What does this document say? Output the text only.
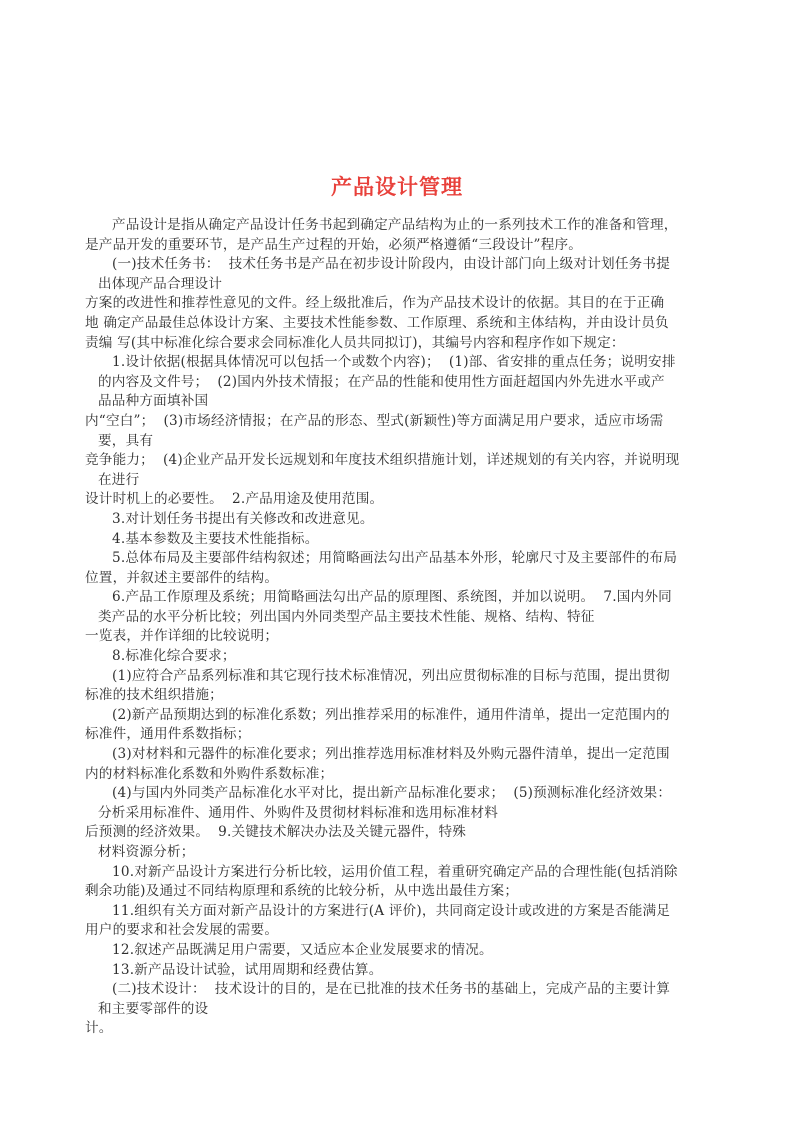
产品设计管理
产品设计是指从确定产品设计任务书起到确定产品结构为止的一系列技术工作的准备和管理，
是产品开发的重要环节，是产品生产过程的开始，必须严格遵循“三段设计”程序。
(一)技术任务书：  技术任务书是产品在初步设计阶段内，由设计部门向上级对计划任务书提
出体现产品合理设计
方案的改进性和推荐性意见的文件。经上级批准后，作为产品技术设计的依据。其目的在于正确
地 确定产品最佳总体设计方案、主要技术性能参数、工作原理、系统和主体结构，并由设计员负
责编 写(其中标准化综合要求会同标准化人员共同拟订)，其编号内容和程序作如下规定：
1.设计依据(根据具体情况可以包括一个或数个内容)；  (1)部、省安排的重点任务；说明安排
的内容及文件号；  (2)国内外技术情报；在产品的性能和使用性方面赶超国内外先进水平或产
品品种方面填补国
内“空白”；  (3)市场经济情报；在产品的形态、型式(新颖性)等方面满足用户要求，适应市场需
要，具有
竞争能力；  (4)企业产品开发长远规划和年度技术组织措施计划，详述规划的有关内容，并说明现
在进行
设计时机上的必要性。  2.产品用途及使用范围。
3.对计划任务书提出有关修改和改进意见。
4.基本参数及主要技术性能指标。
5.总体布局及主要部件结构叙述；用简略画法勾出产品基本外形，轮廓尺寸及主要部件的布局
位置，并叙述主要部件的结构。
6.产品工作原理及系统；用简略画法勾出产品的原理图、系统图，并加以说明。  7.国内外同
类产品的水平分析比较；列出国内外同类型产品主要技术性能、规格、结构、特征
一览表，并作详细的比较说明；
8.标准化综合要求；
(1)应符合产品系列标准和其它现行技术标准情况，列出应贯彻标准的目标与范围，提出贯彻
标准的技术组织措施；
(2)新产品预期达到的标准化系数；列出推荐采用的标准件，通用件清单，提出一定范围内的
标准件，通用件系数指标；
(3)对材料和元器件的标准化要求；列出推荐选用标准材料及外购元器件清单，提出一定范围
内的材料标准化系数和外购件系数标准；
(4)与国内外同类产品标准化水平对比，提出新产品标准化要求；  (5)预测标准化经济效果：
分析采用标准件、通用件、外购件及贯彻材料标准和选用标准材料
后预测的经济效果。  9.关键技术解决办法及关键元器件，特殊
材料资源分析；
10.对新产品设计方案进行分析比较，运用价值工程，着重研究确定产品的合理性能(包括消除
剩余功能)及通过不同结构原理和系统的比较分析，从中选出最佳方案；
11.组织有关方面对新产品设计的方案进行(A 评价)，共同商定设计或改进的方案是否能满足
用户的要求和社会发展的需要。
12.叙述产品既满足用户需要，又适应本企业发展要求的情况。
13.新产品设计试验，试用周期和经费估算。
(二)技术设计：  技术设计的目的，是在已批准的技术任务书的基础上，完成产品的主要计算
和主要零部件的设
计。
